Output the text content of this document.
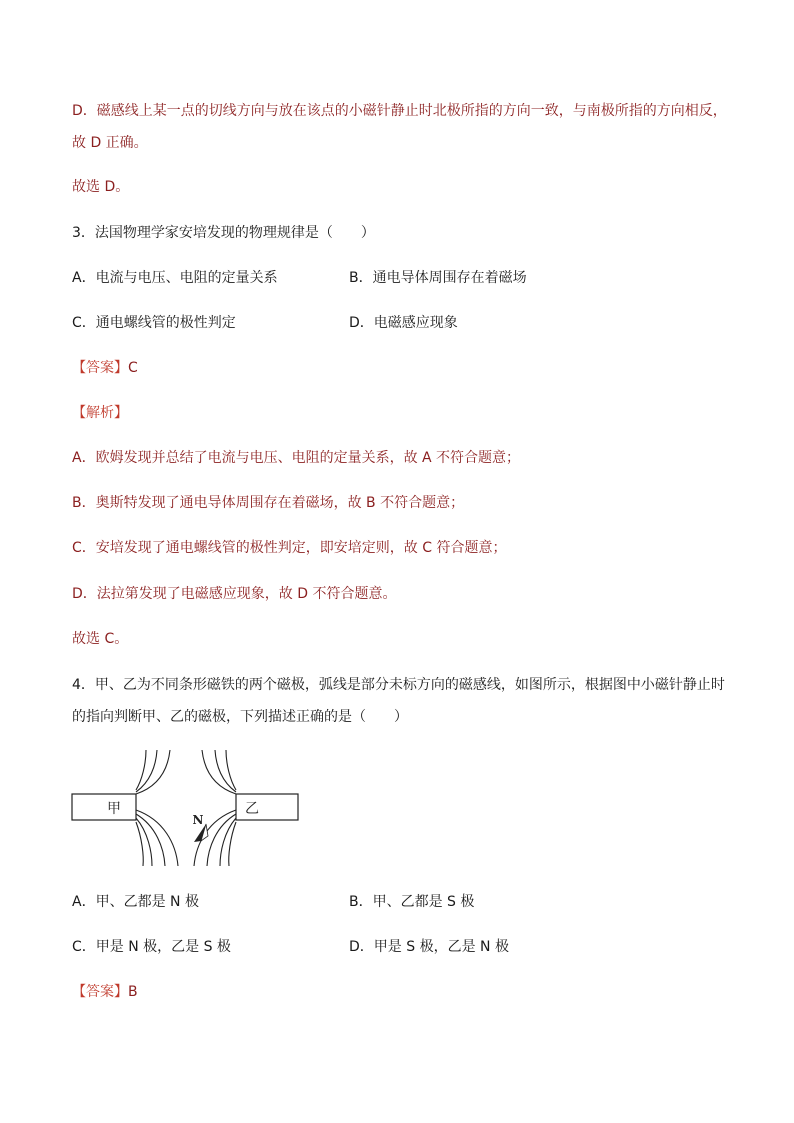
D．磁感线上某一点的切线方向与放在该点的小磁针静止时北极所指的方向一致，与南极所指的方向相反，
故 D 正确。
故选 D。
3．法国物理学家安培发现的物理规律是（　　）
A．电流与电压、电阻的定量关系	B．通电导体周围存在着磁场
C．通电螺线管的极性判定	D．电磁感应现象
【答案】C
【解析】
A．欧姆发现并总结了电流与电压、电阻的定量关系，故 A 不符合题意；
B．奥斯特发现了通电导体周围存在着磁场，故 B 不符合题意；
C．安培发现了通电螺线管的极性判定，即安培定则，故 C 符合题意；
D．法拉第发现了电磁感应现象，故 D 不符合题意。
故选 C。
4．甲、乙为不同条形磁铁的两个磁极，弧线是部分未标方向的磁感线，如图所示，根据图中小磁针静止时
的指向判断甲、乙的磁极，下列描述正确的是（　　）
甲	乙
N
A．甲、乙都是 N 极	B．甲、乙都是 S 极
C．甲是 N 极，乙是 S 极	D．甲是 S 极，乙是 N 极
【答案】B
